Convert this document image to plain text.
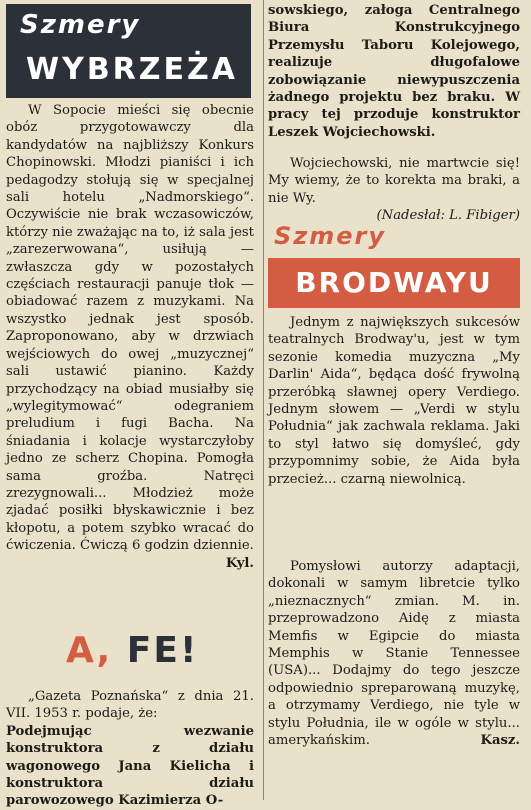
Szmery
WYBRZEŻA

W Sopocie mieści się obecnie obóz przygotowawczy dla kandydatów na najbliższy Konkurs Chopinowski. Młodzi pianiści i ich pedagodzy stołują się w specjalnej sali hotelu „Nadmorskiego“. Oczywiście nie brak wczasowiczów, którzy nie zważając na to, iż sala jest „zarezerwowana“, usiłują — zwłaszcza gdy w pozostałych częściach restauracji panuje tłok — obiadować razem z muzykami. Na wszystko jednak jest sposób. Zaproponowano, aby w drzwiach wejściowych do owej „muzycznej“ sali ustawić pianino. Każdy przychodzący na obiad musiałby się „wylegitymować“ odegraniem preludium i fugi Bacha. Na śniadania i kolacje wystarczyłoby jedno ze scherz Chopina. Pomogła sama groźba. Natręci zrezygnowali... Młodzież może zjadać posiłki błyskawicznie i bez kłopotu, a potem szybko wracać do ćwiczenia. Ćwiczą 6 godzin dziennie.
Kyl.

A, FE!

„Gazeta Poznańska“ z dnia 21. VII. 1953 r. podaje, że:

Podejmując wezwanie konstruktora z działu wagonowego Jana Kielicha i konstruktora działu parowozowego Kazimierza O-

sowskiego, załoga Centralnego Biura Konstrukcyjnego Przemysłu Taboru Kolejowego, realizuje długofalowe zobowiązanie niewypuszczenia żadnego projektu bez braku. W pracy tej przoduje konstruktor Leszek Wojciechowski.

Wojciechowski, nie martwcie się! My wiemy, że to korekta ma braki, a nie Wy.

(Nadesłał: L. Fibiger)

Szmery
BRODWAYU

Jednym z największych sukcesów teatralnych Brodway'u, jest w tym sezonie komedia muzyczna „My Darlin' Aida“, będąca dość frywolną przeróbką sławnej opery Verdiego. Jednym słowem — „Verdi w stylu Południa“ jak zachwala reklama. Jaki to styl łatwo się domyśleć, gdy przypomnimy sobie, że Aida była przecież... czarną niewolnicą.

Pomysłowi autorzy adaptacji, dokonali w samym libretcie tylko „nieznacznych“ zmian. M. in. przeprowadzono Aidę z miasta Memfis w Egipcie do miasta Memphis w Stanie Tennessee (USA)... Dodajmy do tego jeszcze odpowiednio spreparowaną muzykę, a otrzymamy Verdiego, nie tyle w stylu Południa, ile w ogóle w stylu... amerykańskim.	Kasz.
